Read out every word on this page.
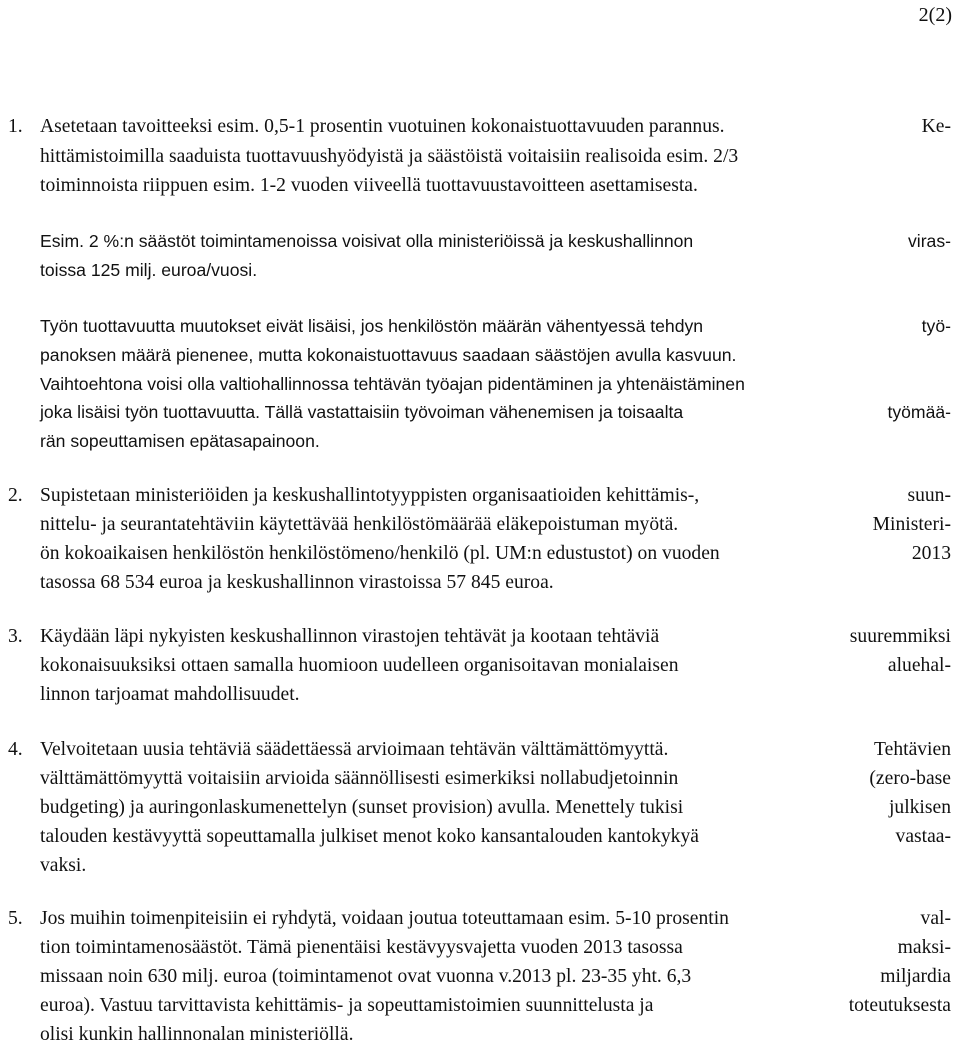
2(2)
1. Asetetaan tavoitteeksi esim. 0,5-1 prosentin vuotuinen kokonaistuottavuuden parannus.	Ke-
hittämistoimilla saaduista tuottavuushyödyistä ja säästöistä voitaisiin realisoida esim. 2/3
toiminnoista riippuen esim. 1-2 vuoden viiveellä tuottavuustavoitteen asettamisesta.
Esim. 2 %:n säästöt toimintamenoissa voisivat olla ministeriöissä ja keskushallinnon	viras-
toissa 125 milj. euroa/vuosi.
Työn tuottavuutta muutokset eivät lisäisi, jos henkilöstön määrän vähentyessä tehdyn	työ-
panoksen määrä pienenee, mutta kokonaistuottavuus saadaan säästöjen avulla kasvuun.
Vaihtoehtona voisi olla valtiohallinnossa tehtävän työajan pidentäminen ja yhtenäistäminen
joka lisäisi työn tuottavuutta. Tällä vastattaisiin työvoiman vähenemisen ja toisaalta	työmää-
rän sopeuttamisen epätasapainoon.
2. Supistetaan ministeriöiden ja keskushallintotyyppisten organisaatioiden kehittämis-,	suun-
nittelu- ja seurantatehtäviin käytettävää henkilöstömäärää eläkepoistuman myötä.	Ministeri-
ön kokoaikaisen henkilöstön henkilöstömeno/henkilö (pl. UM:n edustustot) on vuoden	2013
tasossa 68 534 euroa ja keskushallinnon virastoissa 57 845 euroa.
3. Käydään läpi nykyisten keskushallinnon virastojen tehtävät ja kootaan tehtäviä	suuremmiksi
kokonaisuuksiksi ottaen samalla huomioon uudelleen organisoitavan monialaisen	aluehal-
linnon tarjoamat mahdollisuudet.
4. Velvoitetaan uusia tehtäviä säädettäessä arvioimaan tehtävän välttämättömyyttä.	Tehtävien
välttämättömyyttä voitaisiin arvioida säännöllisesti esimerkiksi nollabudjetoinnin	(zero-base
budgeting) ja auringonlaskumenettelyn (sunset provision) avulla. Menettely tukisi	julkisen
talouden kestävyyttä sopeuttamalla julkiset menot koko kansantalouden kantokykyä	vastaa-
vaksi.
5. Jos muihin toimenpiteisiin ei ryhdytä, voidaan joutua toteuttamaan esim. 5-10 prosentin	val-
tion toimintamenosäästöt. Tämä pienentäisi kestävyysvajetta vuoden 2013 tasossa	maksi-
missaan noin 630 milj. euroa (toimintamenot ovat vuonna v.2013 pl. 23-35 yht. 6,3	miljardia
euroa). Vastuu tarvittavista kehittämis- ja sopeuttamistoimien suunnittelusta ja	toteutuksesta
olisi kunkin hallinnonalan ministeriöllä.
